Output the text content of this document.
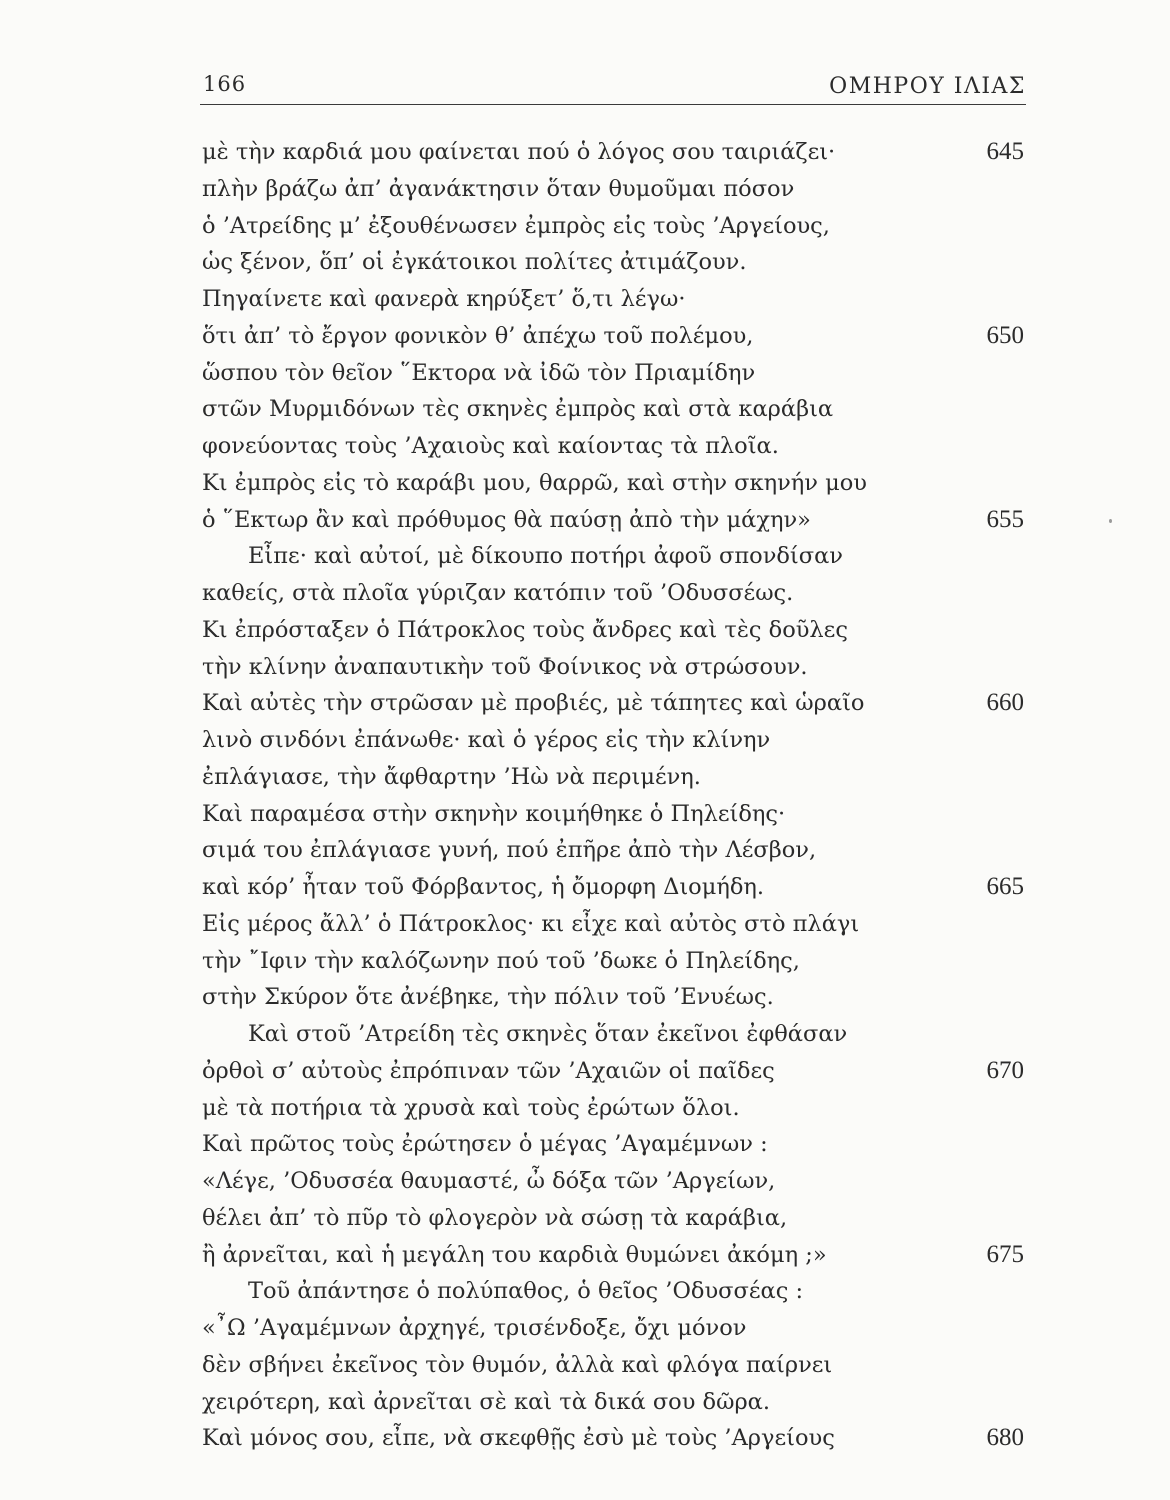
166	ΟΜΗΡΟΥ ΙΛΙΑΣ
μὲ τὴν καρδιά μου φαίνεται πού ὁ λόγος σου ταιριάζει·	645
πλὴν βράζω ἀπ’ ἀγανάκτησιν ὅταν θυμοῦμαι πόσον
ὁ ’Ατρείδης μ’ ἐξουθένωσεν ἐμπρὸς εἰς τοὺς ’Αργείους,
ὡς ξένον, ὅπ’ οἱ ἐγκάτοικοι πολίτες ἀτιμάζουν.
Πηγαίνετε καὶ φανερὰ κηρύξετ’ ὅ,τι λέγω·
ὅτι ἀπ’ τὸ ἔργον φονικὸν θ’ ἀπέχω τοῦ πολέμου,	650
ὥσπου τὸν θεῖον ῞Εκτορα νὰ ἰδῶ τὸν Πριαμίδην
στῶν Μυρμιδόνων τὲς σκηνὲς ἐμπρὸς καὶ στὰ καράβια
φονεύοντας τοὺς ’Αχαιοὺς καὶ καίοντας τὰ πλοῖα.
Κι ἐμπρὸς εἰς τὸ καράβι μου, θαρρῶ, καὶ στὴν σκηνήν μου
ὁ ῞Εκτωρ ἂν καὶ πρόθυμος θὰ παύσῃ ἀπὸ τὴν μάχην»	655
Εἶπε· καὶ αὐτοί, μὲ δίκουπο ποτήρι ἀφοῦ σπονδίσαν
καθείς, στὰ πλοῖα γύριζαν κατόπιν τοῦ ’Οδυσσέως.
Κι ἐπρόσταξεν ὁ Πάτροκλος τοὺς ἄνδρες καὶ τὲς δοῦλες
τὴν κλίνην ἀναπαυτικὴν τοῦ Φοίνικος νὰ στρώσουν.
Καὶ αὐτὲς τὴν στρῶσαν μὲ προβιές, μὲ τάπητες καὶ ὡραῖο	660
λινὸ σινδόνι ἐπάνωθε· καὶ ὁ γέρος εἰς τὴν κλίνην
ἐπλάγιασε, τὴν ἄφθαρτην ’Ηὼ νὰ περιμένη.
Καὶ παραμέσα στὴν σκηνὴν κοιμήθηκε ὁ Πηλείδης·
σιμά του ἐπλάγιασε γυνή, πού ἐπῆρε ἀπὸ τὴν Λέσβον,
καὶ κόρ’ ἦταν τοῦ Φόρβαντος, ἡ ὄμορφη Διομήδη.	665
Εἰς μέρος ἄλλ’ ὁ Πάτροκλος· κι εἶχε καὶ αὐτὸς στὸ πλάγι
τὴν ῎Ιφιν τὴν καλόζωνην πού τοῦ ’δωκε ὁ Πηλείδης,
στὴν Σκύρον ὅτε ἀνέβηκε, τὴν πόλιν τοῦ ’Ενυέως.
Καὶ στοῦ ’Ατρείδη τὲς σκηνὲς ὅταν ἐκεῖνοι ἐφθάσαν
ὀρθοὶ σ’ αὐτοὺς ἐπρόπιναν τῶν ’Αχαιῶν οἱ παῖδες	670
μὲ τὰ ποτήρια τὰ χρυσὰ καὶ τοὺς ἐρώτων ὅλοι.
Καὶ πρῶτος τοὺς ἐρώτησεν ὁ μέγας ’Αγαμέμνων :
«Λέγε, ’Οδυσσέα θαυμαστέ, ὦ δόξα τῶν ’Αργείων,
θέλει ἀπ’ τὸ πῦρ τὸ φλογερὸν νὰ σώσῃ τὰ καράβια,
ἢ ἀρνεῖται, καὶ ἡ μεγάλη του καρδιὰ θυμώνει ἀκόμη ;»	675
Τοῦ ἀπάντησε ὁ πολύπαθος, ὁ θεῖος ’Οδυσσέας :
«῏Ω ’Αγαμέμνων ἀρχηγέ, τρισένδοξε, ὄχι μόνον
δὲν σβήνει ἐκεῖνος τὸν θυμόν, ἀλλὰ καὶ φλόγα παίρνει
χειρότερη, καὶ ἀρνεῖται σὲ καὶ τὰ δικά σου δῶρα.
Καὶ μόνος σου, εἶπε, νὰ σκεφθῇς ἐσὺ μὲ τοὺς ’Αργείους	680
